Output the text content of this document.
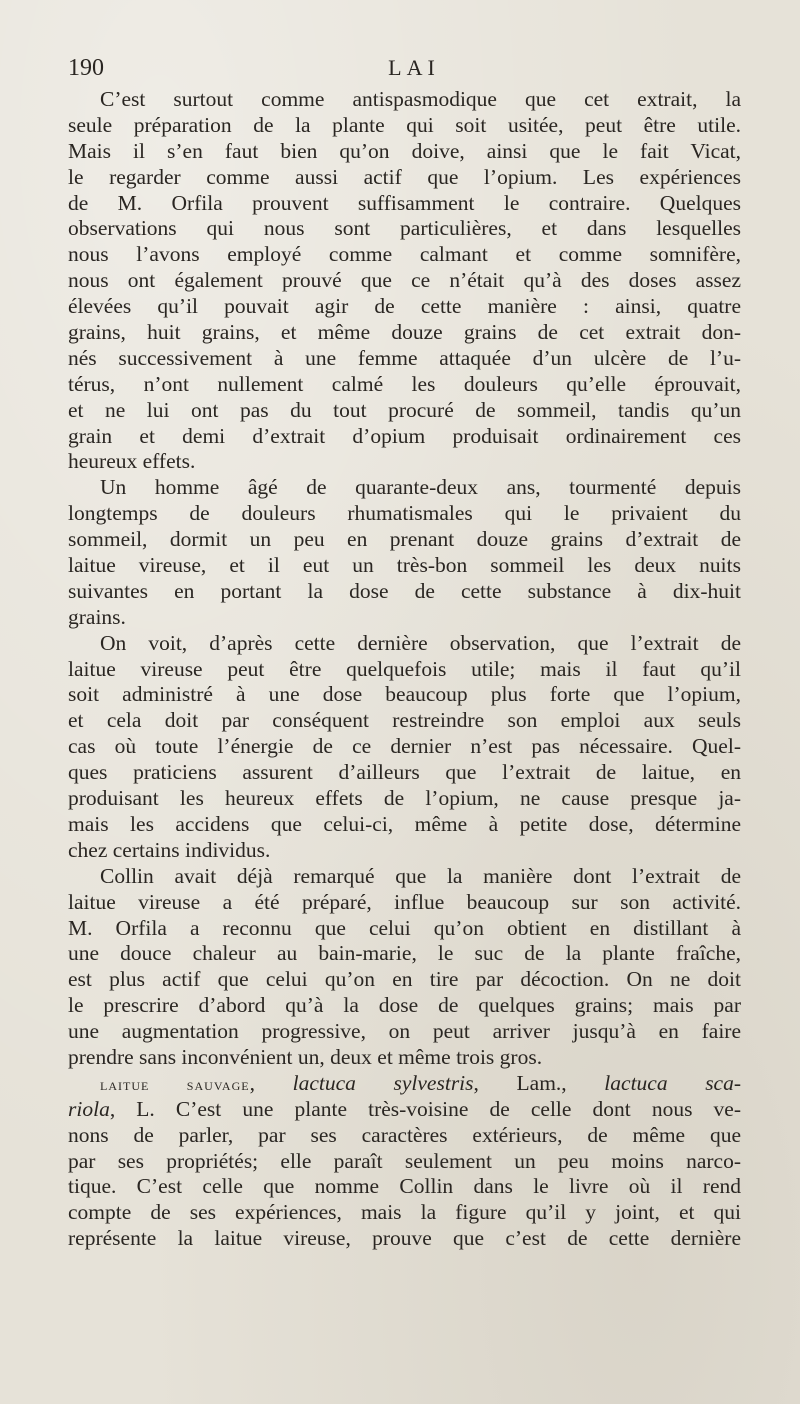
190	LAI
C’est surtout comme antispasmodique que cet extrait, la
seule préparation de la plante qui soit usitée, peut être utile.
Mais il s’en faut bien qu’on doive, ainsi que le fait Vicat,
le regarder comme aussi actif que l’opium. Les expériences
de M. Orfila prouvent suffisamment le contraire. Quelques
observations qui nous sont particulières, et dans lesquelles
nous l’avons employé comme calmant et comme somnifère,
nous ont également prouvé que ce n’était qu’à des doses assez
élevées qu’il pouvait agir de cette manière : ainsi, quatre
grains, huit grains, et même douze grains de cet extrait don-
nés successivement à une femme attaquée d’un ulcère de l’u-
térus, n’ont nullement calmé les douleurs qu’elle éprouvait,
et ne lui ont pas du tout procuré de sommeil, tandis qu’un
grain et demi d’extrait d’opium produisait ordinairement ces
heureux effets.
Un homme âgé de quarante-deux ans, tourmenté depuis
longtemps de douleurs rhumatismales qui le privaient du
sommeil, dormit un peu en prenant douze grains d’extrait de
laitue vireuse, et il eut un très-bon sommeil les deux nuits
suivantes en portant la dose de cette substance à dix-huit
grains.
On voit, d’après cette dernière observation, que l’extrait de
laitue vireuse peut être quelquefois utile; mais il faut qu’il
soit administré à une dose beaucoup plus forte que l’opium,
et cela doit par conséquent restreindre son emploi aux seuls
cas où toute l’énergie de ce dernier n’est pas nécessaire. Quel-
ques praticiens assurent d’ailleurs que l’extrait de laitue, en
produisant les heureux effets de l’opium, ne cause presque ja-
mais les accidens que celui-ci, même à petite dose, détermine
chez certains individus.
Collin avait déjà remarqué que la manière dont l’extrait de
laitue vireuse a été préparé, influe beaucoup sur son activité.
M. Orfila a reconnu que celui qu’on obtient en distillant à
une douce chaleur au bain-marie, le suc de la plante fraîche,
est plus actif que celui qu’on en tire par décoction. On ne doit
le prescrire d’abord qu’à la dose de quelques grains; mais par
une augmentation progressive, on peut arriver jusqu’à en faire
prendre sans inconvénient un, deux et même trois gros.
laitue sauvage, lactuca sylvestris, Lam., lactuca sca-
riola, L. C’est une plante très-voisine de celle dont nous ve-
nons de parler, par ses caractères extérieurs, de même que
par ses propriétés; elle paraît seulement un peu moins narco-
tique. C’est celle que nomme Collin dans le livre où il rend
compte de ses expériences, mais la figure qu’il y joint, et qui
représente la laitue vireuse, prouve que c’est de cette dernière
